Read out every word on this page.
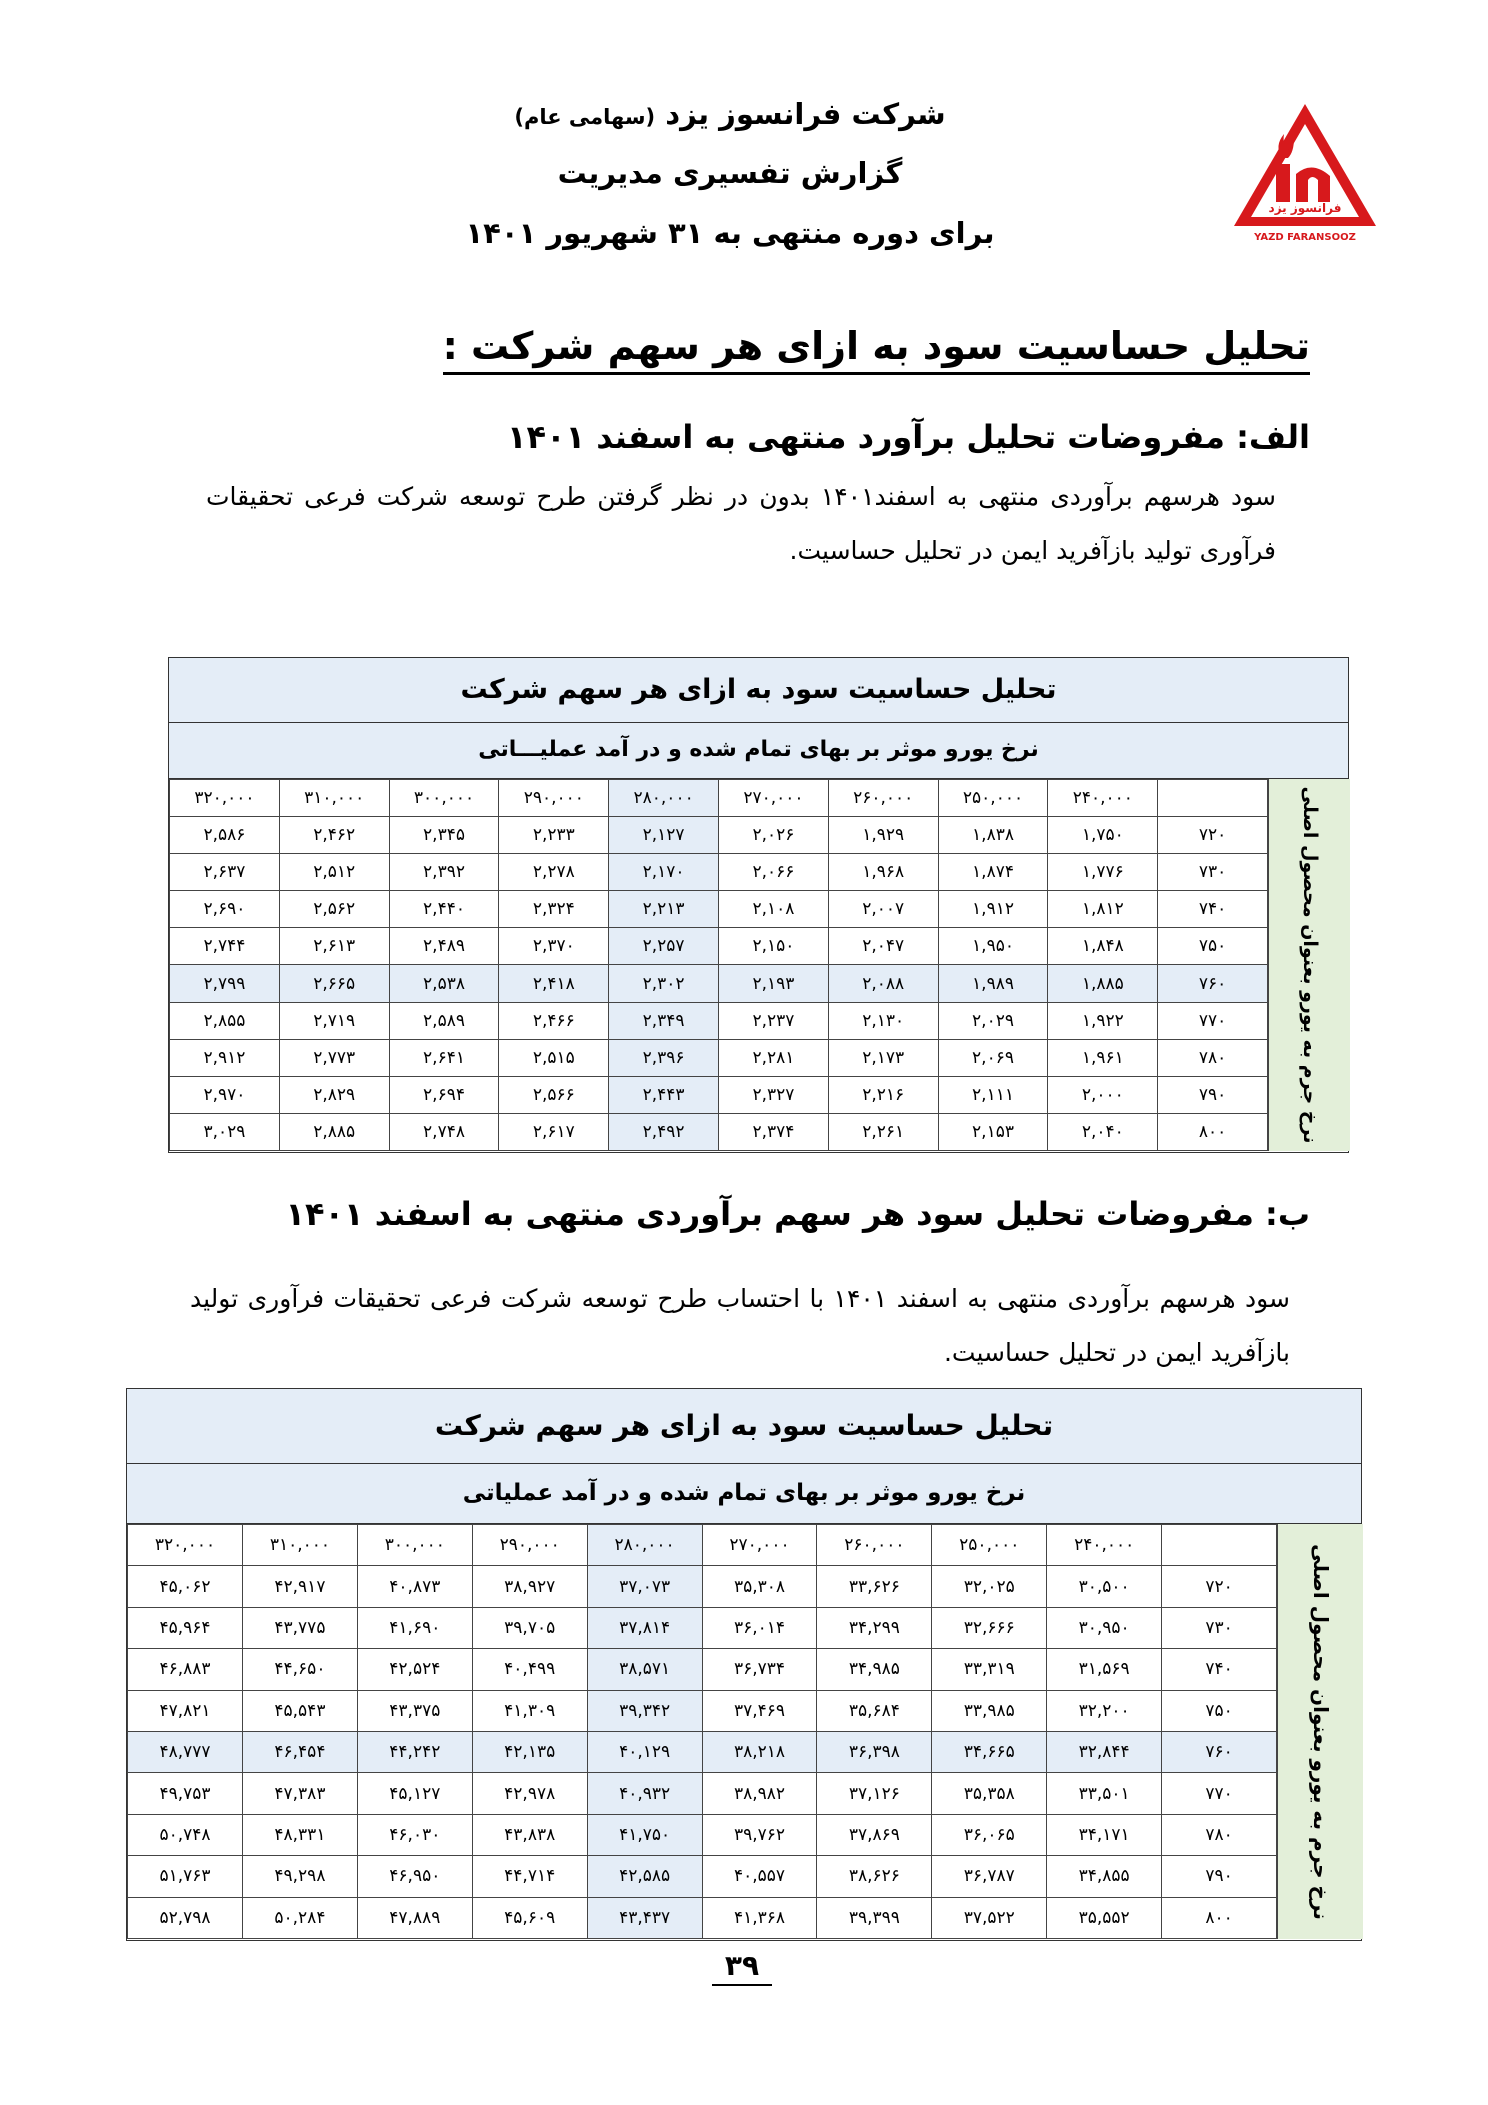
شرکت فرانسوز یزد (سهامی عام)
گزارش تفسیری مدیریت
برای دوره منتهی به ۳۱ شهریور ۱۴۰۱
فرانسوز یزد
YAZD FARANSOOZ
تحلیل حساسیت سود به ازای هر سهم شرکت :
الف: مفروضات تحلیل برآورد منتهی به اسفند ۱۴۰۱
سود هرسهم برآوردی منتهی به اسفند۱۴۰۱ بدون در نظر گرفتن طرح توسعه شرکت فرعی تحقیقات فرآوری تولید بازآفرید ایمن در تحلیل حساسیت.
تحلیل حساسیت سود به ازای هر سهم شرکت
نرخ یورو موثر بر بهای تمام شده و در آمد عملیـــاتی
نرخ جرم به یورو بعنوان محصول اصلی
	۲۴۰,۰۰۰	۲۵۰,۰۰۰	۲۶۰,۰۰۰	۲۷۰,۰۰۰	۲۸۰,۰۰۰	۲۹۰,۰۰۰	۳۰۰,۰۰۰	۳۱۰,۰۰۰	۳۲۰,۰۰۰
۷۲۰	۱,۷۵۰	۱,۸۳۸	۱,۹۲۹	۲,۰۲۶	۲,۱۲۷	۲,۲۳۳	۲,۳۴۵	۲,۴۶۲	۲,۵۸۶
۷۳۰	۱,۷۷۶	۱,۸۷۴	۱,۹۶۸	۲,۰۶۶	۲,۱۷۰	۲,۲۷۸	۲,۳۹۲	۲,۵۱۲	۲,۶۳۷
۷۴۰	۱,۸۱۲	۱,۹۱۲	۲,۰۰۷	۲,۱۰۸	۲,۲۱۳	۲,۳۲۴	۲,۴۴۰	۲,۵۶۲	۲,۶۹۰
۷۵۰	۱,۸۴۸	۱,۹۵۰	۲,۰۴۷	۲,۱۵۰	۲,۲۵۷	۲,۳۷۰	۲,۴۸۹	۲,۶۱۳	۲,۷۴۴
۷۶۰	۱,۸۸۵	۱,۹۸۹	۲,۰۸۸	۲,۱۹۳	۲,۳۰۲	۲,۴۱۸	۲,۵۳۸	۲,۶۶۵	۲,۷۹۹
۷۷۰	۱,۹۲۲	۲,۰۲۹	۲,۱۳۰	۲,۲۳۷	۲,۳۴۹	۲,۴۶۶	۲,۵۸۹	۲,۷۱۹	۲,۸۵۵
۷۸۰	۱,۹۶۱	۲,۰۶۹	۲,۱۷۳	۲,۲۸۱	۲,۳۹۶	۲,۵۱۵	۲,۶۴۱	۲,۷۷۳	۲,۹۱۲
۷۹۰	۲,۰۰۰	۲,۱۱۱	۲,۲۱۶	۲,۳۲۷	۲,۴۴۳	۲,۵۶۶	۲,۶۹۴	۲,۸۲۹	۲,۹۷۰
۸۰۰	۲,۰۴۰	۲,۱۵۳	۲,۲۶۱	۲,۳۷۴	۲,۴۹۲	۲,۶۱۷	۲,۷۴۸	۲,۸۸۵	۳,۰۲۹
ب: مفروضات تحلیل سود هر سهم برآوردی منتهی به اسفند ۱۴۰۱
سود هرسهم برآوردی منتهی به اسفند ۱۴۰۱ با احتساب طرح توسعه شرکت فرعی تحقیقات فرآوری تولید بازآفرید ایمن در تحلیل حساسیت.
تحلیل حساسیت سود به ازای هر سهم شرکت
نرخ یورو موثر بر بهای تمام شده و در آمد عملیاتی
نرخ جرم به یورو بعنوان محصول اصلی
	۲۴۰,۰۰۰	۲۵۰,۰۰۰	۲۶۰,۰۰۰	۲۷۰,۰۰۰	۲۸۰,۰۰۰	۲۹۰,۰۰۰	۳۰۰,۰۰۰	۳۱۰,۰۰۰	۳۲۰,۰۰۰
۷۲۰	۳۰,۵۰۰	۳۲,۰۲۵	۳۳,۶۲۶	۳۵,۳۰۸	۳۷,۰۷۳	۳۸,۹۲۷	۴۰,۸۷۳	۴۲,۹۱۷	۴۵,۰۶۲
۷۳۰	۳۰,۹۵۰	۳۲,۶۶۶	۳۴,۲۹۹	۳۶,۰۱۴	۳۷,۸۱۴	۳۹,۷۰۵	۴۱,۶۹۰	۴۳,۷۷۵	۴۵,۹۶۴
۷۴۰	۳۱,۵۶۹	۳۳,۳۱۹	۳۴,۹۸۵	۳۶,۷۳۴	۳۸,۵۷۱	۴۰,۴۹۹	۴۲,۵۲۴	۴۴,۶۵۰	۴۶,۸۸۳
۷۵۰	۳۲,۲۰۰	۳۳,۹۸۵	۳۵,۶۸۴	۳۷,۴۶۹	۳۹,۳۴۲	۴۱,۳۰۹	۴۳,۳۷۵	۴۵,۵۴۳	۴۷,۸۲۱
۷۶۰	۳۲,۸۴۴	۳۴,۶۶۵	۳۶,۳۹۸	۳۸,۲۱۸	۴۰,۱۲۹	۴۲,۱۳۵	۴۴,۲۴۲	۴۶,۴۵۴	۴۸,۷۷۷
۷۷۰	۳۳,۵۰۱	۳۵,۳۵۸	۳۷,۱۲۶	۳۸,۹۸۲	۴۰,۹۳۲	۴۲,۹۷۸	۴۵,۱۲۷	۴۷,۳۸۳	۴۹,۷۵۳
۷۸۰	۳۴,۱۷۱	۳۶,۰۶۵	۳۷,۸۶۹	۳۹,۷۶۲	۴۱,۷۵۰	۴۳,۸۳۸	۴۶,۰۳۰	۴۸,۳۳۱	۵۰,۷۴۸
۷۹۰	۳۴,۸۵۵	۳۶,۷۸۷	۳۸,۶۲۶	۴۰,۵۵۷	۴۲,۵۸۵	۴۴,۷۱۴	۴۶,۹۵۰	۴۹,۲۹۸	۵۱,۷۶۳
۸۰۰	۳۵,۵۵۲	۳۷,۵۲۲	۳۹,۳۹۹	۴۱,۳۶۸	۴۳,۴۳۷	۴۵,۶۰۹	۴۷,۸۸۹	۵۰,۲۸۴	۵۲,۷۹۸
۳۹
